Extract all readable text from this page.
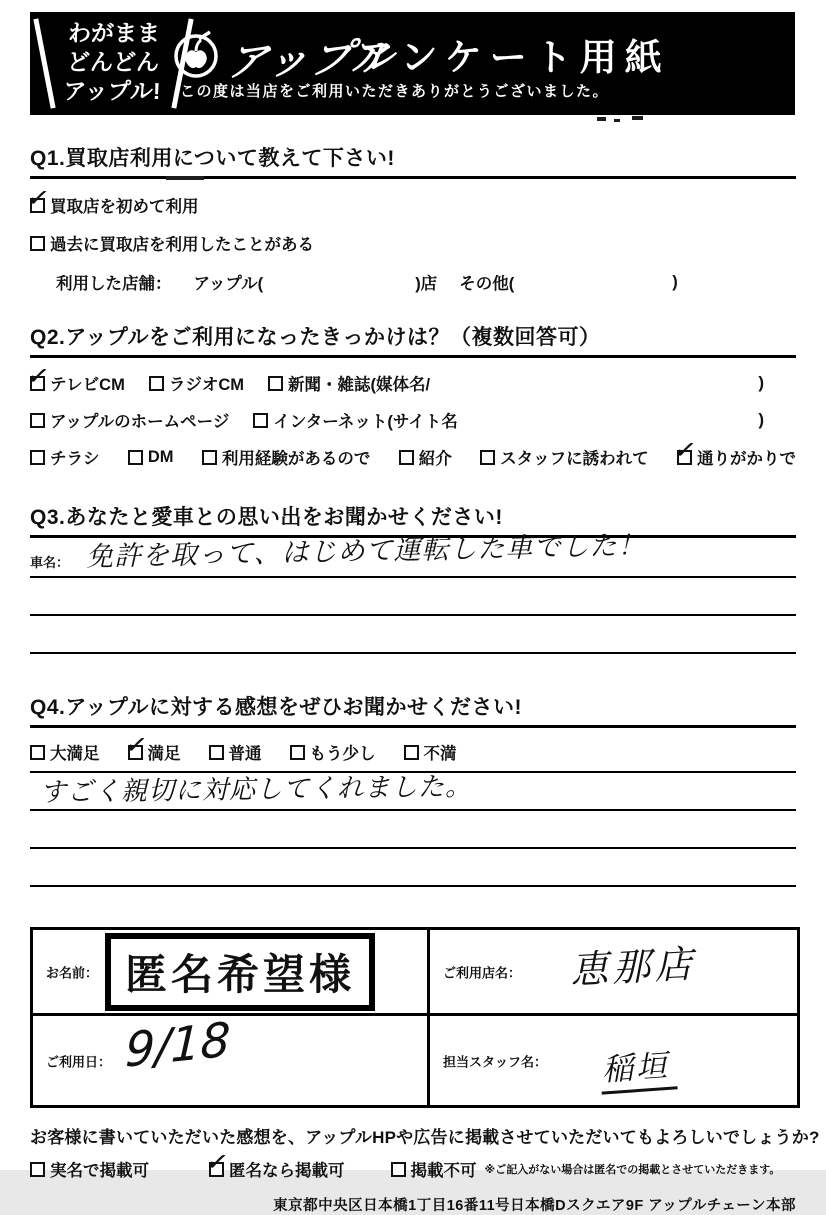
わがまま
どんどん
アップル!
アップル
アンケート用紙
この度は当店をご利用いただきありがとうございました。
Q1.買取店利用について教えて下さい!
✓
買取店を初めて利用
過去に買取店を利用したことがある
利用した店舗： アップル(	)店 その他(	)
Q2.アップルをご利用になったきっかけは？（複数回答可）
✓
テレビCM	ラジオCM	新聞・雑誌(媒体名/	)
アップルのホームページ	インターネット(サイト名	)
チラシ	DM	利用経験があるので	紹介	スタッフに誘われて ✓
通りがかりで
Q3.あなたと愛車との思い出をお聞かせください!
車名： 免許を取って、はじめて運転した車でした！
Q4.アップルに対する感想をぜひお聞かせください!
大満足 ✓
満足	普通	もう少し	不満
すごく親切に対応してくれました。
お名前： 匿名希望様	ご利用店名： 恵那店
ご利用日： 9/18	担当スタッフ名： 稲垣
お客様に書いていただいた感想を、アップルHPや広告に掲載させていただいてもよろしいでしょうか?
実名で掲載可 ✓
匿名なら掲載可	掲載不可 ※ご記入がない場合は匿名での掲載とさせていただきます。
東京都中央区日本橋1丁目16番11号日本橋Dスクエア9F アップルチェーン本部
